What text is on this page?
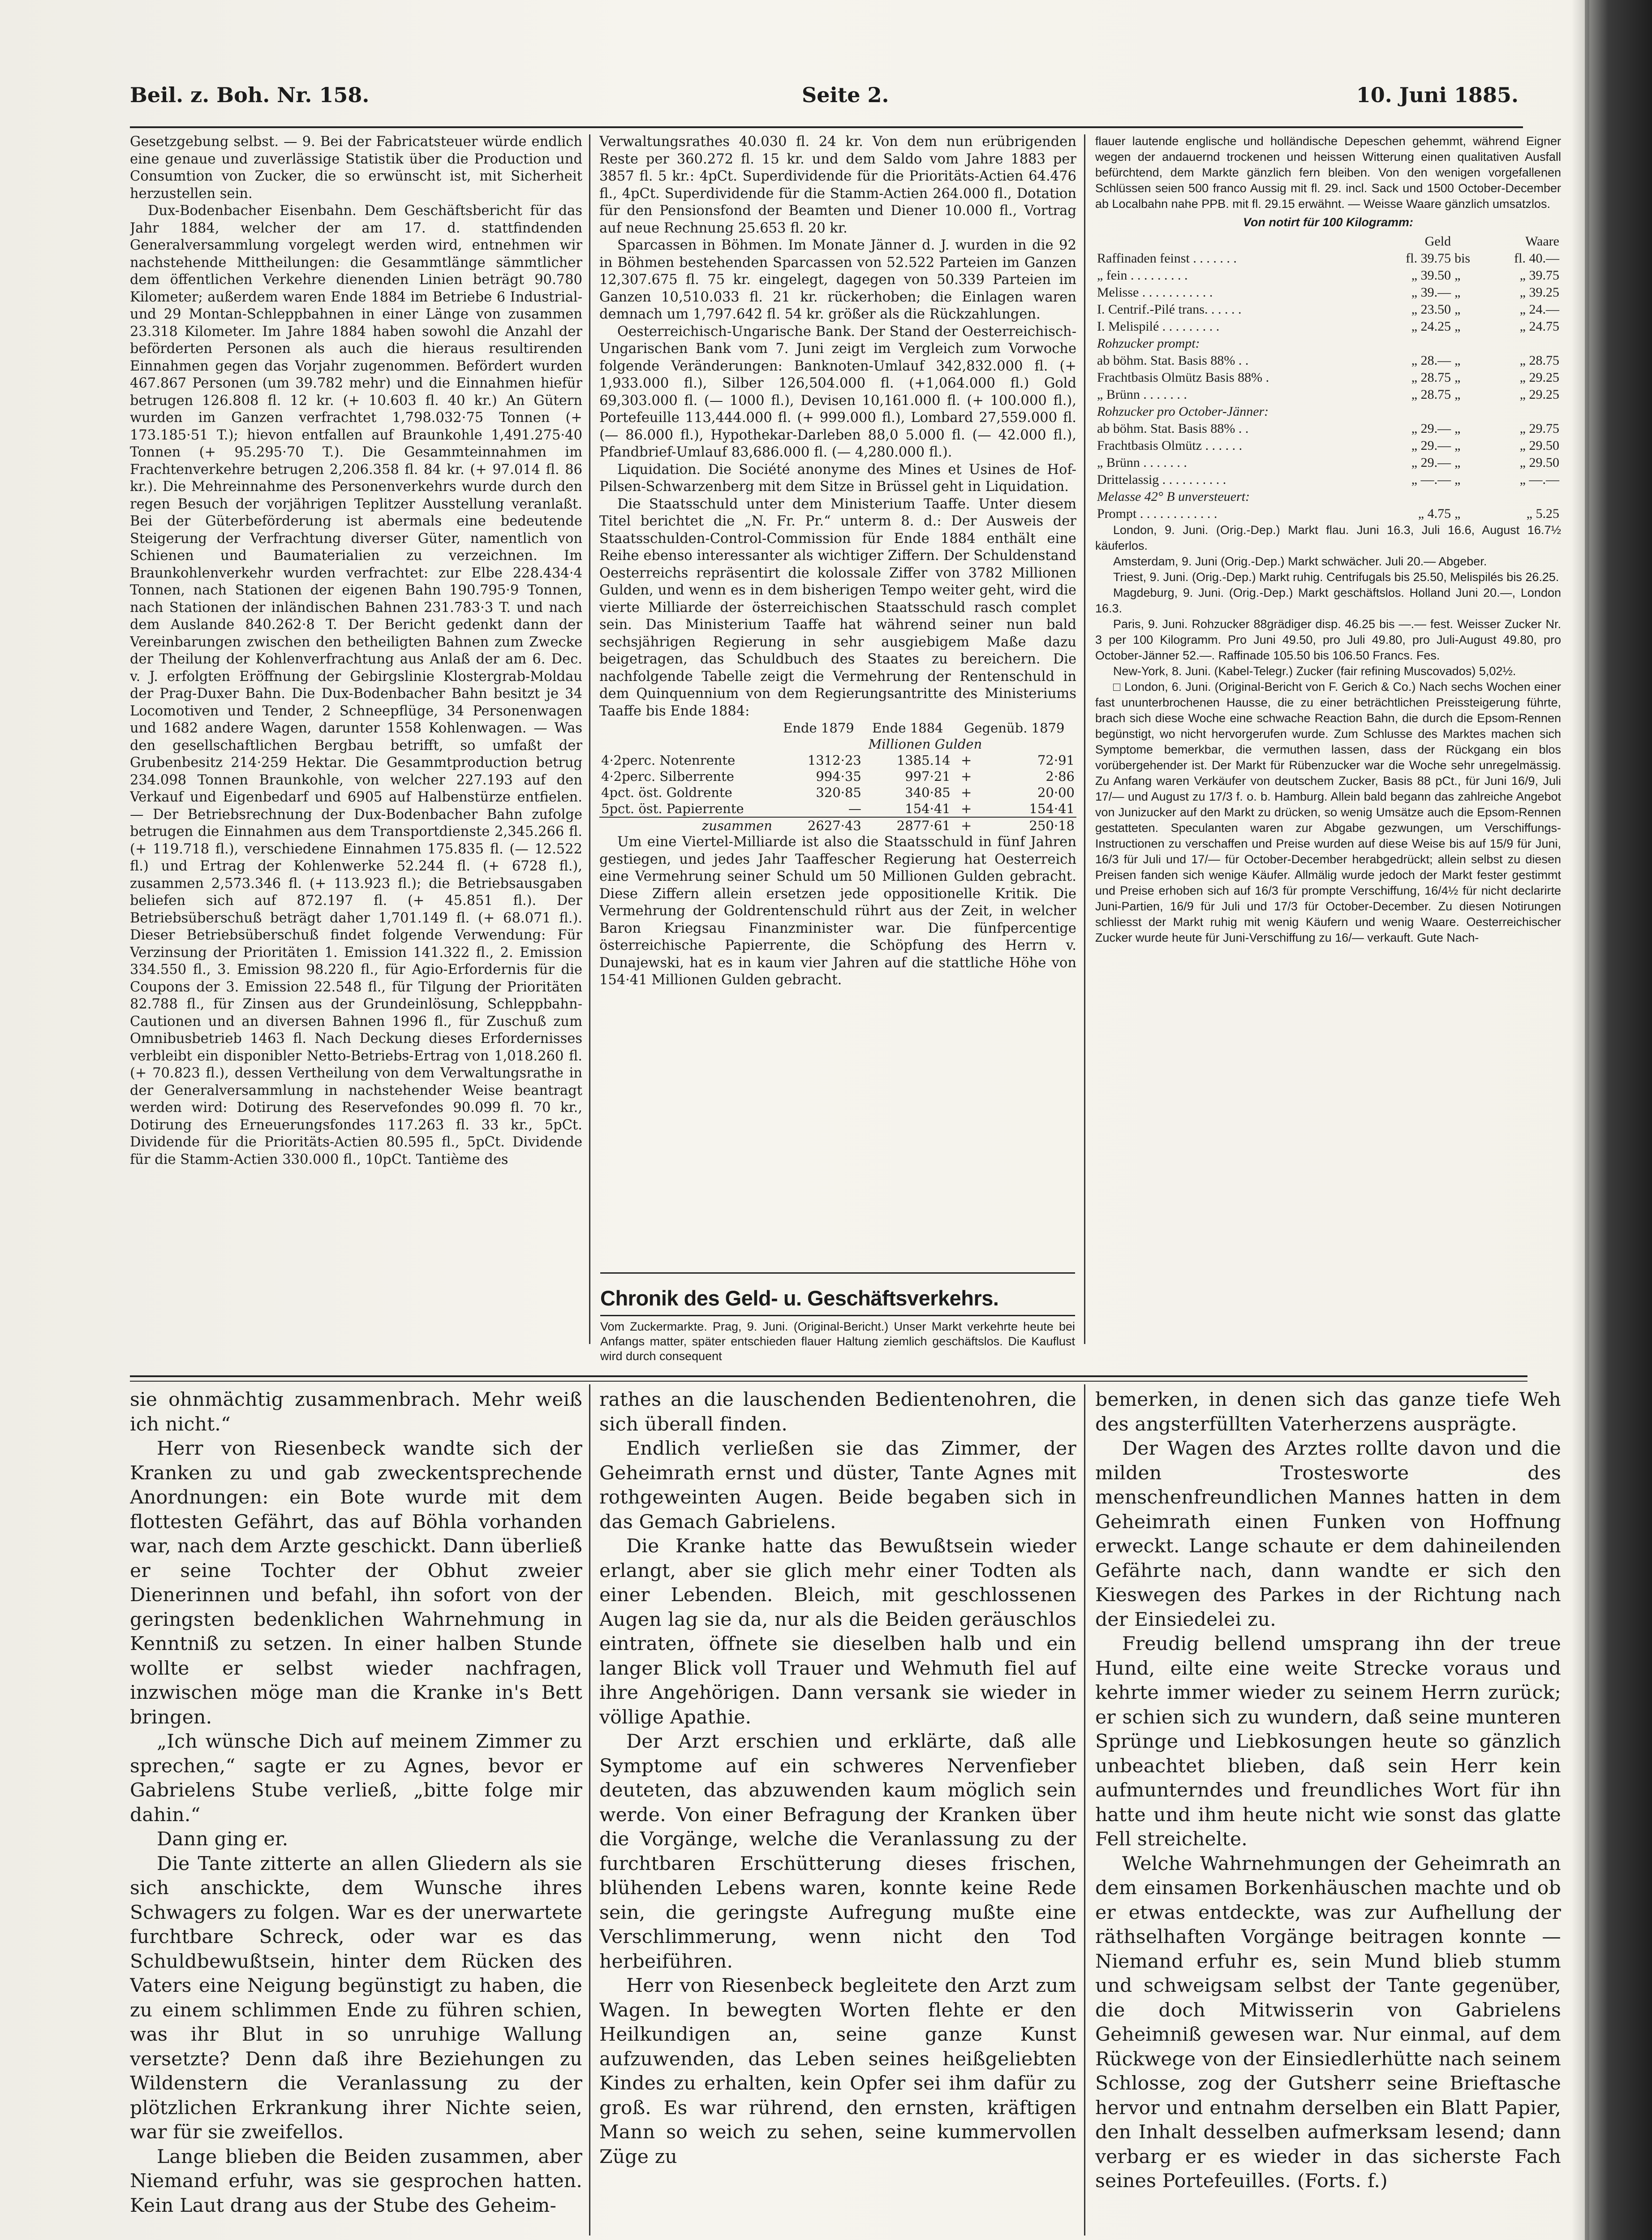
Beil. z. Boh. Nr. 158.	Seite 2.	10. Juni 1885.

Gesetzgebung selbst. — 9. Bei der Fabricatsteuer würde endlich eine genaue und zuverlässige Statistik über die Production und Consumtion von Zucker, die so erwünscht ist, mit Sicherheit herzustellen sein.

Dux-Bodenbacher Eisenbahn. Dem Geschäftsbericht für das Jahr 1884, welcher der am 17. d. stattfindenden Generalversammlung vorgelegt werden wird, entnehmen wir nachstehende Mittheilungen: die Gesammtlänge sämmtlicher dem öffentlichen Verkehre dienenden Linien beträgt 90.780 Kilometer; außerdem waren Ende 1884 im Betriebe 6 Industrial- und 29 Montan-Schleppbahnen in einer Länge von zusammen 23.318 Kilometer. Im Jahre 1884 haben sowohl die Anzahl der beförderten Personen als auch die hieraus resultirenden Einnahmen gegen das Vorjahr zugenommen. Befördert wurden 467.867 Personen (um 39.782 mehr) und die Einnahmen hiefür betrugen 126.808 fl. 12 kr. (+ 10.603 fl. 40 kr.) An Gütern wurden im Ganzen verfrachtet 1,798.032·75 Tonnen (+ 173.185·51 T.); hievon entfallen auf Braunkohle 1,491.275·40 Tonnen (+ 95.295·70 T.). Die Gesammteinnahmen im Frachtenverkehre betrugen 2,206.358 fl. 84 kr. (+ 97.014 fl. 86 kr.). Die Mehreinnahme des Personenverkehrs wurde durch den regen Besuch der vorjährigen Teplitzer Ausstellung veranlaßt. Bei der Güterbeförderung ist abermals eine bedeutende Steigerung der Verfrachtung diverser Güter, namentlich von Schienen und Baumaterialien zu verzeichnen. Im Braunkohlenverkehr wurden verfrachtet: zur Elbe 228.434·4 Tonnen, nach Stationen der eigenen Bahn 190.795·9 Tonnen, nach Stationen der inländischen Bahnen 231.783·3 T. und nach dem Auslande 840.262·8 T. Der Bericht gedenkt dann der Vereinbarungen zwischen den betheiligten Bahnen zum Zwecke der Theilung der Kohlenverfrachtung aus Anlaß der am 6. Dec. v. J. erfolgten Eröffnung der Gebirgslinie Klostergrab-Moldau der Prag-Duxer Bahn. Die Dux-Bodenbacher Bahn besitzt je 34 Locomotiven und Tender, 2 Schneepflüge, 34 Personenwagen und 1682 andere Wagen, darunter 1558 Kohlenwagen. — Was den gesellschaftlichen Bergbau betrifft, so umfaßt der Grubenbesitz 214·259 Hektar. Die Gesammtproduction betrug 234.098 Tonnen Braunkohle, von welcher 227.193 auf den Verkauf und Eigenbedarf und 6905 auf Halbenstürze entfielen. — Der Betriebsrechnung der Dux-Bodenbacher Bahn zufolge betrugen die Einnahmen aus dem Transportdienste 2,345.266 fl. (+ 119.718 fl.), verschiedene Einnahmen 175.835 fl. (— 12.522 fl.) und Ertrag der Kohlenwerke 52.244 fl. (+ 6728 fl.), zusammen 2,573.346 fl. (+ 113.923 fl.); die Betriebsausgaben beliefen sich auf 872.197 fl. (+ 45.851 fl.). Der Betriebsüberschuß beträgt daher 1,701.149 fl. (+ 68.071 fl.). Dieser Betriebsüberschuß findet folgende Verwendung: Für Verzinsung der Prioritäten 1. Emission 141.322 fl., 2. Emission 334.550 fl., 3. Emission 98.220 fl., für Agio-Erfordernis für die Coupons der 3. Emission 22.548 fl., für Tilgung der Prioritäten 82.788 fl., für Zinsen aus der Grundeinlösung, Schleppbahn-Cautionen und an diversen Bahnen 1996 fl., für Zuschuß zum Omnibusbetrieb 1463 fl. Nach Deckung dieses Erfordernisses verbleibt ein disponibler Netto-Betriebs-Ertrag von 1,018.260 fl. (+ 70.823 fl.), dessen Vertheilung von dem Verwaltungsrathe in der Generalversammlung in nachstehender Weise beantragt werden wird: Dotirung des Reservefondes 90.099 fl. 70 kr., Dotirung des Erneuerungsfondes 117.263 fl. 33 kr., 5pCt. Dividende für die Prioritäts-Actien 80.595 fl., 5pCt. Dividende für die Stamm-Actien 330.000 fl., 10pCt. Tantième des

Verwaltungsrathes 40.030 fl. 24 kr. Von dem nun erübrigenden Reste per 360.272 fl. 15 kr. und dem Saldo vom Jahre 1883 per 3857 fl. 5 kr.: 4pCt. Superdividende für die Prioritäts-Actien 64.476 fl., 4pCt. Superdividende für die Stamm-Actien 264.000 fl., Dotation für den Pensionsfond der Beamten und Diener 10.000 fl., Vortrag auf neue Rechnung 25.653 fl. 20 kr.

Sparcassen in Böhmen. Im Monate Jänner d. J. wurden in die 92 in Böhmen bestehenden Sparcassen von 52.522 Parteien im Ganzen 12,307.675 fl. 75 kr. eingelegt, dagegen von 50.339 Parteien im Ganzen 10,510.033 fl. 21 kr. rückerhoben; die Einlagen waren demnach um 1,797.642 fl. 54 kr. größer als die Rückzahlungen.

Oesterreichisch-Ungarische Bank. Der Stand der Oesterreichisch-Ungarischen Bank vom 7. Juni zeigt im Vergleich zum Vorwoche folgende Veränderungen: Banknoten-Umlauf 342,832.000 fl. (+ 1,933.000 fl.), Silber 126,504.000 fl. (+1,064.000 fl.) Gold 69,303.000 fl. (— 1000 fl.), Devisen 10,161.000 fl. (+ 100.000 fl.), Portefeuille 113,444.000 fl. (+ 999.000 fl.), Lombard 27,559.000 fl. (— 86.000 fl.), Hypothekar-Darleben 88,0 5.000 fl. (— 42.000 fl.), Pfandbrief-Umlauf 83,686.000 fl. (— 4,280.000 fl.).

Liquidation. Die Société anonyme des Mines et Usines de Hof-Pilsen-Schwarzenberg mit dem Sitze in Brüssel geht in Liquidation.

Die Staatsschuld unter dem Ministerium Taaffe. Unter diesem Titel berichtet die „N. Fr. Pr.“ unterm 8. d.: Der Ausweis der Staatsschulden-Control-Commission für Ende 1884 enthält eine Reihe ebenso interessanter als wichtiger Ziffern. Der Schuldenstand Oesterreichs repräsentirt die kolossale Ziffer von 3782 Millionen Gulden, und wenn es in dem bisherigen Tempo weiter geht, wird die vierte Milliarde der österreichischen Staatsschuld rasch complet sein. Das Ministerium Taaffe hat während seiner nun bald sechsjährigen Regierung in sehr ausgiebigem Maße dazu beigetragen, das Schuldbuch des Staates zu bereichern. Die nachfolgende Tabelle zeigt die Vermehrung der Rentenschuld in dem Quinquennium von dem Regierungsantritte des Ministeriums Taaffe bis Ende 1884:

	Ende 1879	Ende 1884	Gegenüb. 1879	
	Millionen Gulden			
4·2perc. Notenrente	1312·23	1385.14	+	72·91
4·2perc. Silberrente	994·35	997·21	+	2·86
4pct. öst. Goldrente	320·85	340·85	+	20·00
5pct. öst. Papierrente	—	154·41	+	154·41
zusammen	2627·43	2877·61	+	250·18

Um eine Viertel-Milliarde ist also die Staatsschuld in fünf Jahren gestiegen, und jedes Jahr Taaffescher Regierung hat Oesterreich eine Vermehrung seiner Schuld um 50 Millionen Gulden gebracht. Diese Ziffern allein ersetzen jede oppositionelle Kritik. Die Vermehrung der Goldrentenschuld rührt aus der Zeit, in welcher Baron Kriegsau Finanzminister war. Die fünfpercentige österreichische Papierrente, die Schöpfung des Herrn v. Dunajewski, hat es in kaum vier Jahren auf die stattliche Höhe von 154·41 Millionen Gulden gebracht.

Chronik des Geld- u. Geschäftsverkehrs.

Vom Zuckermarkte. Prag, 9. Juni. (Original-Bericht.) Unser Markt verkehrte heute bei Anfangs matter, später entschieden flauer Haltung ziemlich geschäftslos. Die Kauflust wird durch consequent

flauer lautende englische und holländische Depeschen gehemmt, während Eigner wegen der andauernd trockenen und heissen Witterung einen qualitativen Ausfall befürchtend, dem Markte gänzlich fern bleiben. Von den wenigen vorgefallenen Schlüssen seien 500 franco Aussig mit fl. 29. incl. Sack und 1500 October-December ab Localbahn nahe PPB. mit fl. 29.15 erwähnt. — Weisse Waare gänzlich umsatzlos.

Von notirt für 100 Kilogramm:

	Geld		Waare
Raffinaden feinst . . . . . . .	fl. 39.75	bis	fl. 40.—
„ fein . . . . . . . . .	„ 39.50	„	„ 39.75
Melisse . . . . . . . . . . .	„ 39.—	„	„ 39.25
I. Centrif.-Pilé trans. . . . . .	„ 23.50	„	„ 24.—
I. Melispilé . . . . . . . . .	„ 24.25	„	„ 24.75
Rohzucker prompt:			
ab böhm. Stat. Basis 88% . .	„ 28.—	„	„ 28.75
Frachtbasis Olmütz Basis 88% .	„ 28.75	„	„ 29.25
„ Brünn . . . . . . .	„ 28.75	„	„ 29.25
Rohzucker pro October-Jänner:			
ab böhm. Stat. Basis 88% . .	„ 29.—	„	„ 29.75
Frachtbasis Olmütz . . . . . .	„ 29.—	„	„ 29.50
„ Brünn . . . . . . .	„ 29.—	„	„ 29.50
Drittelassig . . . . . . . . . .	„ —.—	„	„ —.—
Melasse 42° B unversteuert:			
Prompt . . . . . . . . . . . .	„ 4.75	„	„ 5.25

London, 9. Juni. (Orig.-Dep.) Markt flau. Juni 16.3, Juli 16.6, August 16.7½ käuferlos.

Amsterdam, 9. Juni (Orig.-Dep.) Markt schwächer. Juli 20.— Abgeber.

Triest, 9. Juni. (Orig.-Dep.) Markt ruhig. Centrifugals bis 25.50, Melispilés bis 26.25.

Magdeburg, 9. Juni. (Orig.-Dep.) Markt geschäftslos. Holland Juni 20.—, London 16.3.

Paris, 9. Juni. Rohzucker 88grädiger disp. 46.25 bis —.— fest. Weisser Zucker Nr. 3 per 100 Kilogramm. Pro Juni 49.50, pro Juli 49.80, pro Juli-August 49.80, pro October-Jänner 52.—. Raffinade 105.50 bis 106.50 Francs. Fes.

New-York, 8. Juni. (Kabel-Telegr.) Zucker (fair refining Muscovados) 5,02½.

□ London, 6. Juni. (Original-Bericht von F. Gerich & Co.) Nach sechs Wochen einer fast ununterbrochenen Hausse, die zu einer beträchtlichen Preissteigerung führte, brach sich diese Woche eine schwache Reaction Bahn, die durch die Epsom-Rennen begünstigt, wo nicht hervorgerufen wurde. Zum Schlusse des Marktes machen sich Symptome bemerkbar, die vermuthen lassen, dass der Rückgang ein blos vorübergehender ist. Der Markt für Rübenzucker war die Woche sehr unregelmässig. Zu Anfang waren Verkäufer von deutschem Zucker, Basis 88 pCt., für Juni 16/9, Juli 17/— und August zu 17/3 f. o. b. Hamburg. Allein bald begann das zahlreiche Angebot von Junizucker auf den Markt zu drücken, so wenig Umsätze auch die Epsom-Rennen gestatteten. Speculanten waren zur Abgabe gezwungen, um Verschiffungs-Instructionen zu verschaffen und Preise wurden auf diese Weise bis auf 15/9 für Juni, 16/3 für Juli und 17/— für October-December herabgedrückt; allein selbst zu diesen Preisen fanden sich wenige Käufer. Allmälig wurde jedoch der Markt fester gestimmt und Preise erhoben sich auf 16/3 für prompte Verschiffung, 16/4½ für nicht declarirte Juni-Partien, 16/9 für Juli und 17/3 für October-December. Zu diesen Notirungen schliesst der Markt ruhig mit wenig Käufern und wenig Waare. Oesterreichischer Zucker wurde heute für Juni-Verschiffung zu 16/— verkauft. Gute Nach-

sie ohnmächtig zusammenbrach. Mehr weiß ich nicht.“

Herr von Riesenbeck wandte sich der Kranken zu und gab zweckentsprechende Anordnungen: ein Bote wurde mit dem flottesten Gefährt, das auf Böhla vorhanden war, nach dem Arzte geschickt. Dann überließ er seine Tochter der Obhut zweier Dienerinnen und befahl, ihn sofort von der geringsten bedenklichen Wahrnehmung in Kenntniß zu setzen. In einer halben Stunde wollte er selbst wieder nachfragen, inzwischen möge man die Kranke in's Bett bringen.

„Ich wünsche Dich auf meinem Zimmer zu sprechen,“ sagte er zu Agnes, bevor er Gabrielens Stube verließ, „bitte folge mir dahin.“

Dann ging er.

Die Tante zitterte an allen Gliedern als sie sich anschickte, dem Wunsche ihres Schwagers zu folgen. War es der unerwartete furchtbare Schreck, oder war es das Schuldbewußtsein, hinter dem Rücken des Vaters eine Neigung begünstigt zu haben, die zu einem schlimmen Ende zu führen schien, was ihr Blut in so unruhige Wallung versetzte? Denn daß ihre Beziehungen zu Wildenstern die Veranlassung zu der plötzlichen Erkrankung ihrer Nichte seien, war für sie zweifellos.

Lange blieben die Beiden zusammen, aber Niemand erfuhr, was sie gesprochen hatten. Kein Laut drang aus der Stube des Geheim-

rathes an die lauschenden Bedientenohren, die sich überall finden.

Endlich verließen sie das Zimmer, der Geheimrath ernst und düster, Tante Agnes mit rothgeweinten Augen. Beide begaben sich in das Gemach Gabrielens.

Die Kranke hatte das Bewußtsein wieder erlangt, aber sie glich mehr einer Todten als einer Lebenden. Bleich, mit geschlossenen Augen lag sie da, nur als die Beiden geräuschlos eintraten, öffnete sie dieselben halb und ein langer Blick voll Trauer und Wehmuth fiel auf ihre Angehörigen. Dann versank sie wieder in völlige Apathie.

Der Arzt erschien und erklärte, daß alle Symptome auf ein schweres Nervenfieber deuteten, das abzuwenden kaum möglich sein werde. Von einer Befragung der Kranken über die Vorgänge, welche die Veranlassung zu der furchtbaren Erschütterung dieses frischen, blühenden Lebens waren, konnte keine Rede sein, die geringste Aufregung mußte eine Verschlimmerung, wenn nicht den Tod herbeiführen.

Herr von Riesenbeck begleitete den Arzt zum Wagen. In bewegten Worten flehte er den Heilkundigen an, seine ganze Kunst aufzuwenden, das Leben seines heißgeliebten Kindes zu erhalten, kein Opfer sei ihm dafür zu groß. Es war rührend, den ernsten, kräftigen Mann so weich zu sehen, seine kummervollen Züge zu

bemerken, in denen sich das ganze tiefe Weh des angsterfüllten Vaterherzens ausprägte.

Der Wagen des Arztes rollte davon und die milden Trostesworte des menschenfreundlichen Mannes hatten in dem Geheimrath einen Funken von Hoffnung erweckt. Lange schaute er dem dahineilenden Gefährte nach, dann wandte er sich den Kieswegen des Parkes in der Richtung nach der Einsiedelei zu.

Freudig bellend umsprang ihn der treue Hund, eilte eine weite Strecke voraus und kehrte immer wieder zu seinem Herrn zurück; er schien sich zu wundern, daß seine munteren Sprünge und Liebkosungen heute so gänzlich unbeachtet blieben, daß sein Herr kein aufmunterndes und freundliches Wort für ihn hatte und ihm heute nicht wie sonst das glatte Fell streichelte.

Welche Wahrnehmungen der Geheimrath an dem einsamen Borkenhäuschen machte und ob er etwas entdeckte, was zur Aufhellung der räthselhaften Vorgänge beitragen konnte — Niemand erfuhr es, sein Mund blieb stumm und schweigsam selbst der Tante gegenüber, die doch Mitwisserin von Gabrielens Geheimniß gewesen war. Nur einmal, auf dem Rückwege von der Einsiedlerhütte nach seinem Schlosse, zog der Gutsherr seine Brieftasche hervor und entnahm derselben ein Blatt Papier, den Inhalt desselben aufmerksam lesend; dann verbarg er es wieder in das sicherste Fach seines Portefeuilles. (Forts. f.)
